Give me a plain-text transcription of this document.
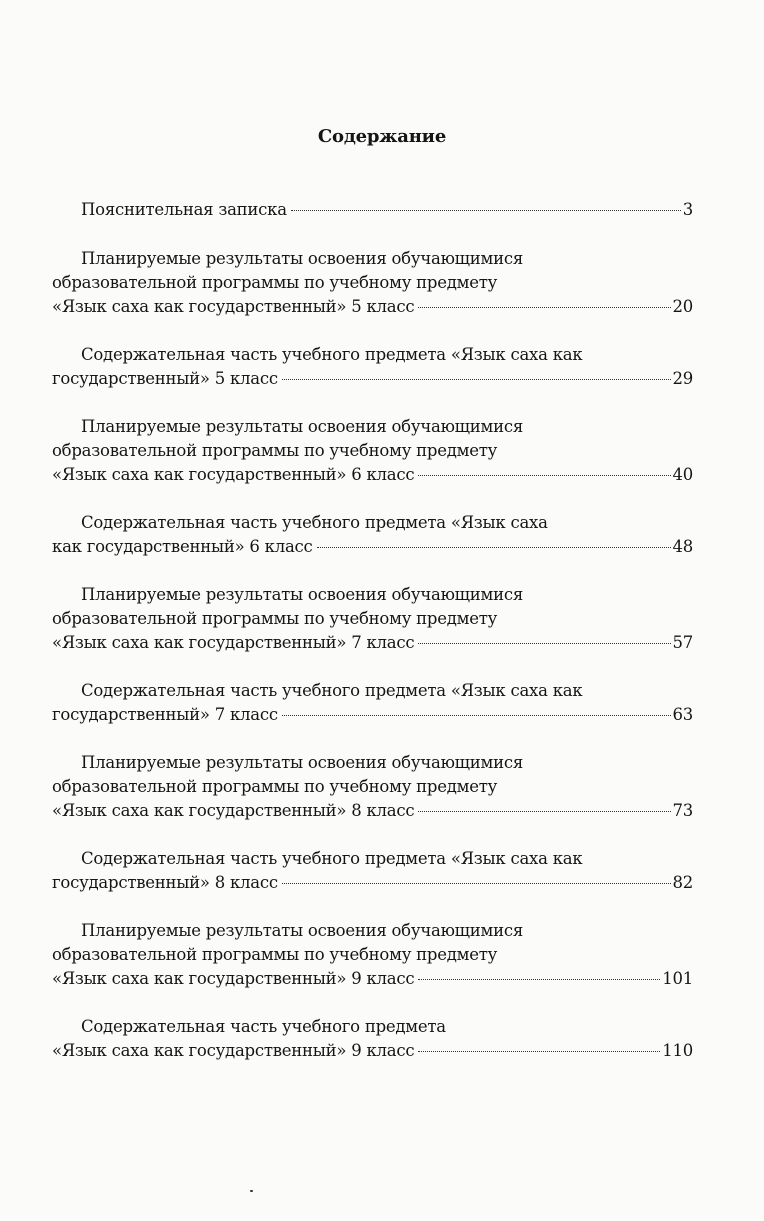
Содержание
Пояснительная записка	3
Планируемые результаты освоения обучающимися
образовательной программы по учебному предмету
«Язык саха как государственный» 5 класс	20
Содержательная часть учебного предмета «Язык саха как
государственный» 5 класс	29
Планируемые результаты освоения обучающимися
образовательной программы по учебному предмету
«Язык саха как государственный» 6 класс	40
Содержательная часть учебного предмета «Язык саха
как государственный» 6 класс	48
Планируемые результаты освоения обучающимися
образовательной программы по учебному предмету
«Язык саха как государственный» 7 класс	57
Содержательная часть учебного предмета «Язык саха как
государственный» 7 класс	63
Планируемые результаты освоения обучающимися
образовательной программы по учебному предмету
«Язык саха как государственный» 8 класс	73
Содержательная часть учебного предмета «Язык саха как
государственный» 8 класс	82
Планируемые результаты освоения обучающимися
образовательной программы по учебному предмету
«Язык саха как государственный» 9 класс	101
Содержательная часть учебного предмета
«Язык саха как государственный» 9 класс	110
